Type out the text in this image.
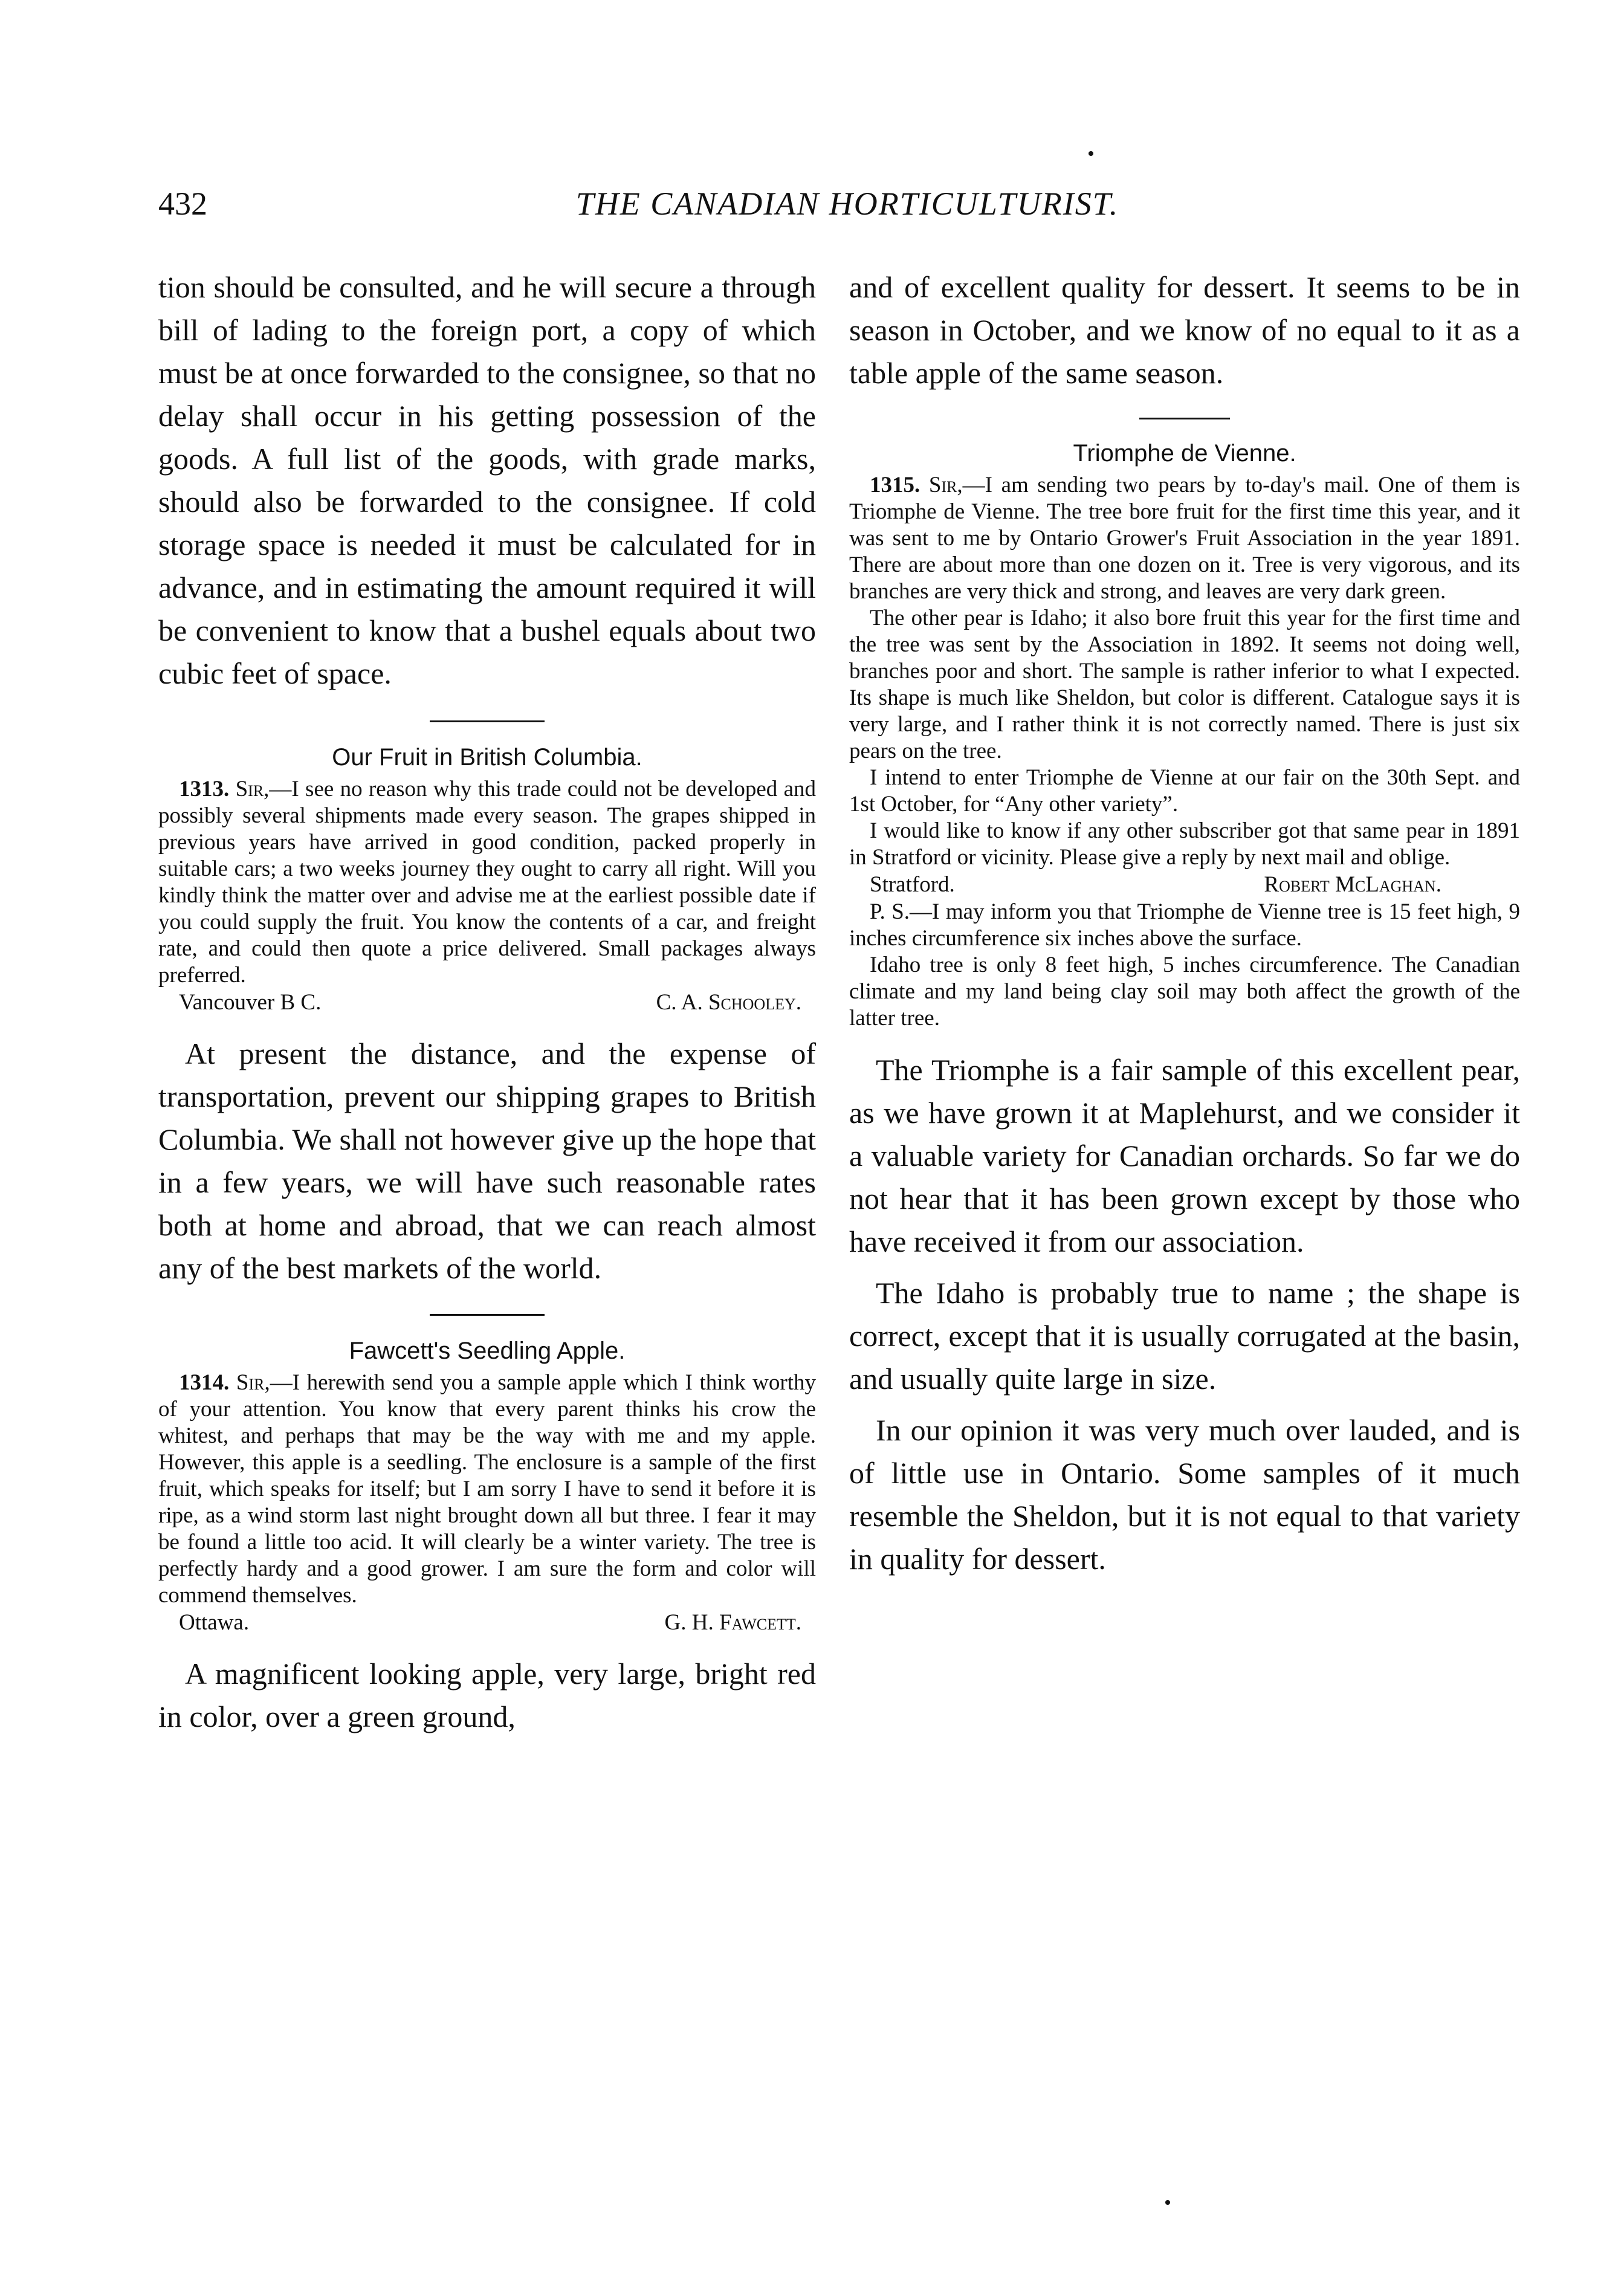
432	THE CANADIAN HORTICULTURIST.

tion should be consulted, and he will secure a through bill of lading to the foreign port, a copy of which must be at once forwarded to the consignee, so that no delay shall occur in his getting possession of the goods. A full list of the goods, with grade marks, should also be forwarded to the consignee. If cold storage space is needed it must be calculated for in advance, and in estimating the amount required it will be convenient to know that a bushel equals about two cubic feet of space.

Our Fruit in British Columbia.

1313. Sir,—I see no reason why this trade could not be developed and possibly several shipments made every season. The grapes shipped in previous years have arrived in good condition, packed properly in suitable cars; a two weeks journey they ought to carry all right. Will you kindly think the matter over and advise me at the earliest possible date if you could supply the fruit. You know the contents of a car, and freight rate, and could then quote a price delivered. Small packages always preferred.

Vancouver B C.	C. A. Schooley.

At present the distance, and the expense of transportation, prevent our shipping grapes to British Columbia. We shall not however give up the hope that in a few years, we will have such reasonable rates both at home and abroad, that we can reach almost any of the best markets of the world.

Fawcett's Seedling Apple.

1314. Sir,—I herewith send you a sample apple which I think worthy of your attention. You know that every parent thinks his crow the whitest, and perhaps that may be the way with me and my apple. However, this apple is a seedling. The enclosure is a sample of the first fruit, which speaks for itself; but I am sorry I have to send it before it is ripe, as a wind storm last night brought down all but three. I fear it may be found a little too acid. It will clearly be a winter variety. The tree is perfectly hardy and a good grower. I am sure the form and color will commend themselves.

Ottawa.	G. H. Fawcett.

A magnificent looking apple, very large, bright red in color, over a green ground,

and of excellent quality for dessert. It seems to be in season in October, and we know of no equal to it as a table apple of the same season.

Triomphe de Vienne.

1315. Sir,—I am sending two pears by to-day's mail. One of them is Triomphe de Vienne. The tree bore fruit for the first time this year, and it was sent to me by Ontario Grower's Fruit Association in the year 1891. There are about more than one dozen on it. Tree is very vigorous, and its branches are very thick and strong, and leaves are very dark green.

The other pear is Idaho; it also bore fruit this year for the first time and the tree was sent by the Association in 1892. It seems not doing well, branches poor and short. The sample is rather inferior to what I expected. Its shape is much like Sheldon, but color is different. Catalogue says it is very large, and I rather think it is not correctly named. There is just six pears on the tree.

I intend to enter Triomphe de Vienne at our fair on the 30th Sept. and 1st October, for “Any other variety”.

I would like to know if any other subscriber got that same pear in 1891 in Stratford or vicinity. Please give a reply by next mail and oblige.

Stratford.	Robert McLaghan.

P. S.—I may inform you that Triomphe de Vienne tree is 15 feet high, 9 inches circumference six inches above the surface.

Idaho tree is only 8 feet high, 5 inches circumference. The Canadian climate and my land being clay soil may both affect the growth of the latter tree.

The Triomphe is a fair sample of this excellent pear, as we have grown it at Maplehurst, and we consider it a valuable variety for Canadian orchards. So far we do not hear that it has been grown except by those who have received it from our association.

The Idaho is probably true to name ; the shape is correct, except that it is usually corrugated at the basin, and usually quite large in size.

In our opinion it was very much over lauded, and is of little use in Ontario. Some samples of it much resemble the Sheldon, but it is not equal to that variety in quality for dessert.
